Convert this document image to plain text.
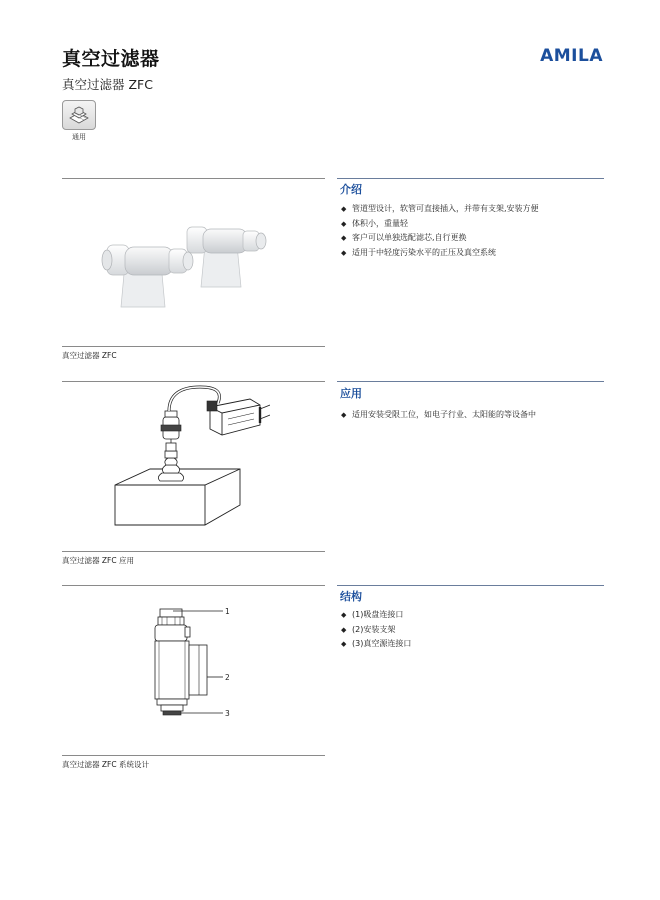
真空过滤器
真空过滤器 ZFC
AMILA
通用
真空过滤器 ZFC
介绍
◆ 管道型设计，软管可直接插入，并带有支架,安装方便
◆ 体积小，重量轻
◆ 客户可以单独选配滤芯,自行更换
◆ 适用于中轻度污染水平的正压及真空系统
真空过滤器 ZFC 应用
应用
◆ 适用安装受限工位，如电子行业、太阳能的等设备中
1
2
3
真空过滤器 ZFC 系统设计
结构
◆ (1)吸盘连接口
◆ (2)安装支架
◆ (3)真空源连接口
